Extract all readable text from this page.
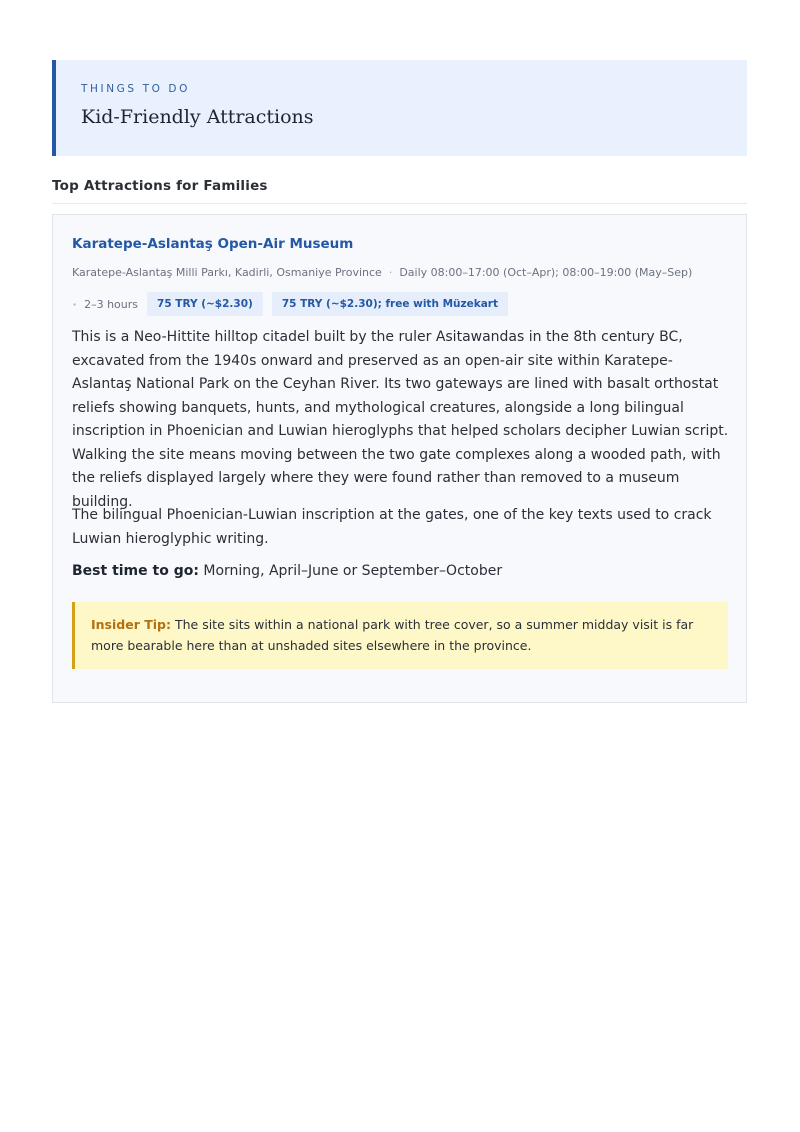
THINGS TO DO
Kid-Friendly Attractions
Top Attractions for Families
Karatepe-Aslantaş Open-Air Museum
Karatepe-Aslantaş Milli Parkı, Kadirli, Osmaniye Province · Daily 08:00–17:00 (Oct–Apr); 08:00–19:00 (May–Sep)
· 2–3 hours	75 TRY (~$2.30)	75 TRY (~$2.30); free with Müzekart

This is a Neo-Hittite hilltop citadel built by the ruler Asitawandas in the 8th century BC, excavated from the 1940s onward and preserved as an open-air site within Karatepe-Aslantaş National Park on the Ceyhan River. Its two gateways are lined with basalt orthostat reliefs showing banquets, hunts, and mythological creatures, alongside a long bilingual inscription in Phoenician and Luwian hieroglyphs that helped scholars decipher Luwian script. Walking the site means moving between the two gate complexes along a wooded path, with the reliefs displayed largely where they were found rather than removed to a museum building.

The bilingual Phoenician-Luwian inscription at the gates, one of the key texts used to crack Luwian hieroglyphic writing.

Best time to go: Morning, April–June or September–October
Insider Tip: The site sits within a national park with tree cover, so a summer midday visit is far more bearable here than at unshaded sites elsewhere in the province.
